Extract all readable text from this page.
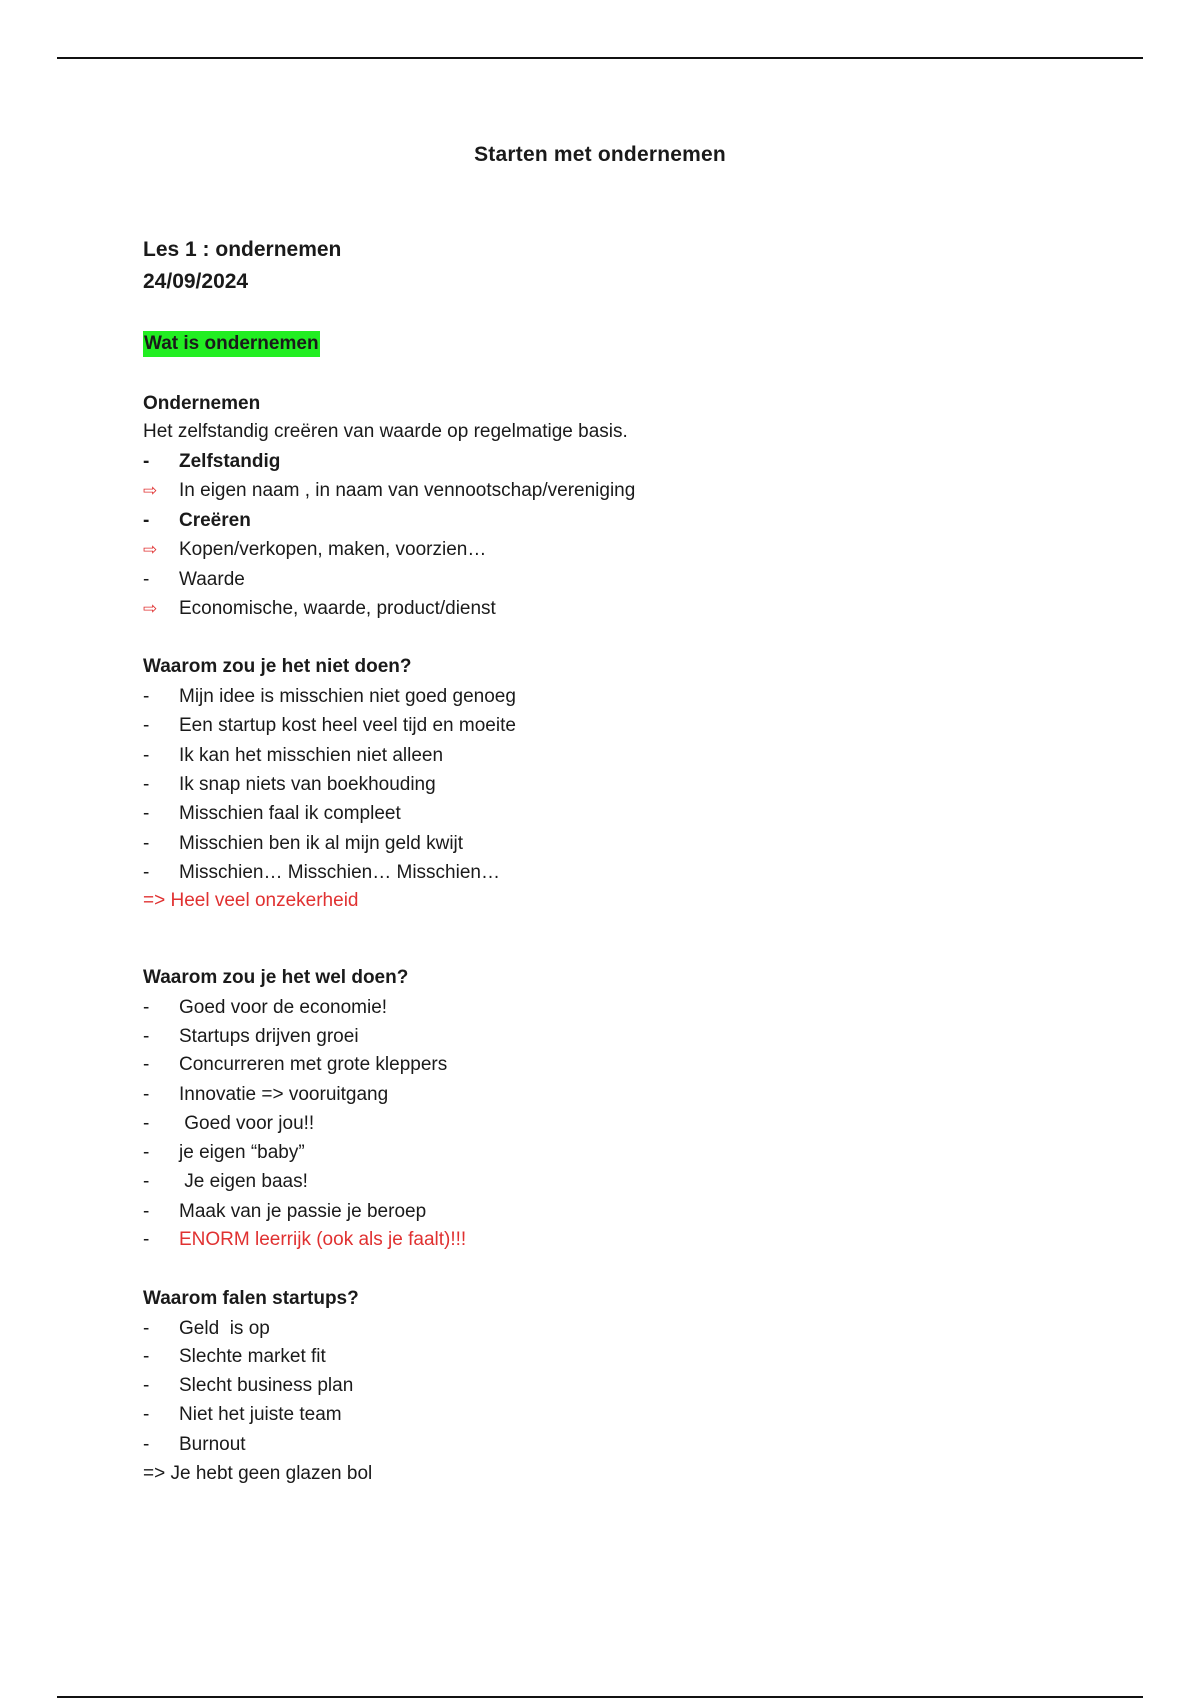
Starten met ondernemen
Les 1 : ondernemen
24/09/2024
Wat is ondernemen
Ondernemen
Het zelfstandig creëren van waarde op regelmatige basis.
-	Zelfstandig
⇨	In eigen naam , in naam van vennootschap/vereniging
-	Creëren
⇨	Kopen/verkopen, maken, voorzien…
-	Waarde
⇨	Economische, waarde, product/dienst
Waarom zou je het niet doen?
-	Mijn idee is misschien niet goed genoeg
-	Een startup kost heel veel tijd en moeite
-	Ik kan het misschien niet alleen
-	Ik snap niets van boekhouding
-	Misschien faal ik compleet
-	Misschien ben ik al mijn geld kwijt
-	Misschien… Misschien… Misschien…
=> Heel veel onzekerheid
Waarom zou je het wel doen?
-	Goed voor de economie!
-	Startups drijven groei
-	Concurreren met grote kleppers
-	Innovatie => vooruitgang
-	Goed voor jou!!
-	je eigen “baby”
-	Je eigen baas!
-	Maak van je passie je beroep
-	ENORM leerrijk (ook als je faalt)!!!
Waarom falen startups?
-	Geld  is op
-	Slechte market fit
-	Slecht business plan
-	Niet het juiste team
-	Burnout
=> Je hebt geen glazen bol
